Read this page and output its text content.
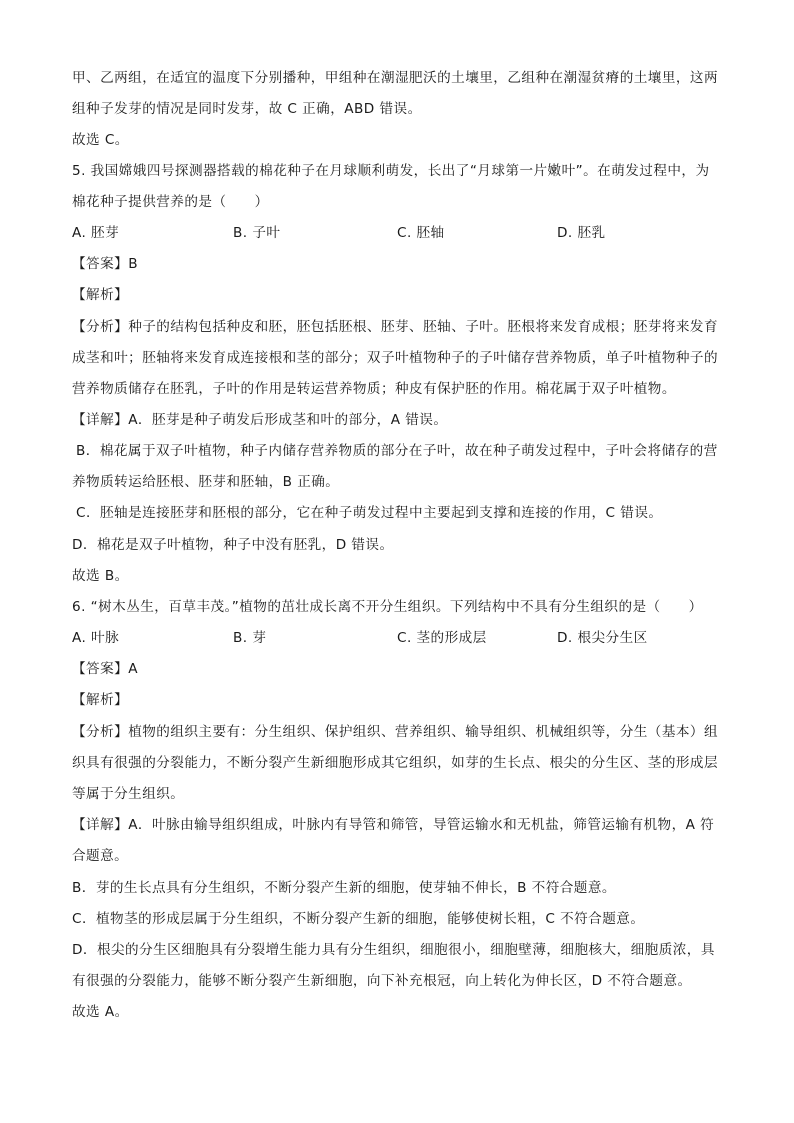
甲、乙两组，在适宜的温度下分别播种，甲组种在潮湿肥沃的土壤里，乙组种在潮湿贫瘠的土壤里，这两
组种子发芽的情况是同时发芽，故 C 正确，ABD 错误。
故选 C。
5. 我国嫦娥四号探测器搭载的棉花种子在月球顺利萌发，长出了“月球第一片嫩叶”。在萌发过程中，为
棉花种子提供营养的是（　　）
A. 胚芽	B. 子叶	C. 胚轴	D. 胚乳
【答案】B
【解析】
【分析】种子的结构包括种皮和胚，胚包括胚根、胚芽、胚轴、子叶。胚根将来发育成根；胚芽将来发育
成茎和叶；胚轴将来发育成连接根和茎的部分；双子叶植物种子的子叶储存营养物质，单子叶植物种子的
营养物质储存在胚乳，子叶的作用是转运营养物质；种皮有保护胚的作用。棉花属于双子叶植物。
【详解】A．胚芽是种子萌发后形成茎和叶的部分，A 错误。
B．棉花属于双子叶植物，种子内储存营养物质的部分在子叶，故在种子萌发过程中，子叶会将储存的营
养物质转运给胚根、胚芽和胚轴，B 正确。
C．胚轴是连接胚芽和胚根的部分，它在种子萌发过程中主要起到支撑和连接的作用，C 错误。
D．棉花是双子叶植物，种子中没有胚乳，D 错误。
故选 B。
6. “树木丛生，百草丰茂。”植物的茁壮成长离不开分生组织。下列结构中不具有分生组织的是（　　）
A. 叶脉	B. 芽	C. 茎的形成层	D. 根尖分生区
【答案】A
【解析】
【分析】植物的组织主要有：分生组织、保护组织、营养组织、输导组织、机械组织等，分生（基本）组
织具有很强的分裂能力，不断分裂产生新细胞形成其它组织，如芽的生长点、根尖的分生区、茎的形成层
等属于分生组织。
【详解】A．叶脉由输导组织组成，叶脉内有导管和筛管，导管运输水和无机盐，筛管运输有机物，A 符
合题意。
B．芽的生长点具有分生组织，不断分裂产生新的细胞，使芽轴不伸长，B 不符合题意。
C．植物茎的形成层属于分生组织，不断分裂产生新的细胞，能够使树长粗，C 不符合题意。
D．根尖的分生区细胞具有分裂增生能力具有分生组织，细胞很小，细胞壁薄，细胞核大，细胞质浓，具
有很强的分裂能力，能够不断分裂产生新细胞，向下补充根冠，向上转化为伸长区，D 不符合题意。
故选 A。
